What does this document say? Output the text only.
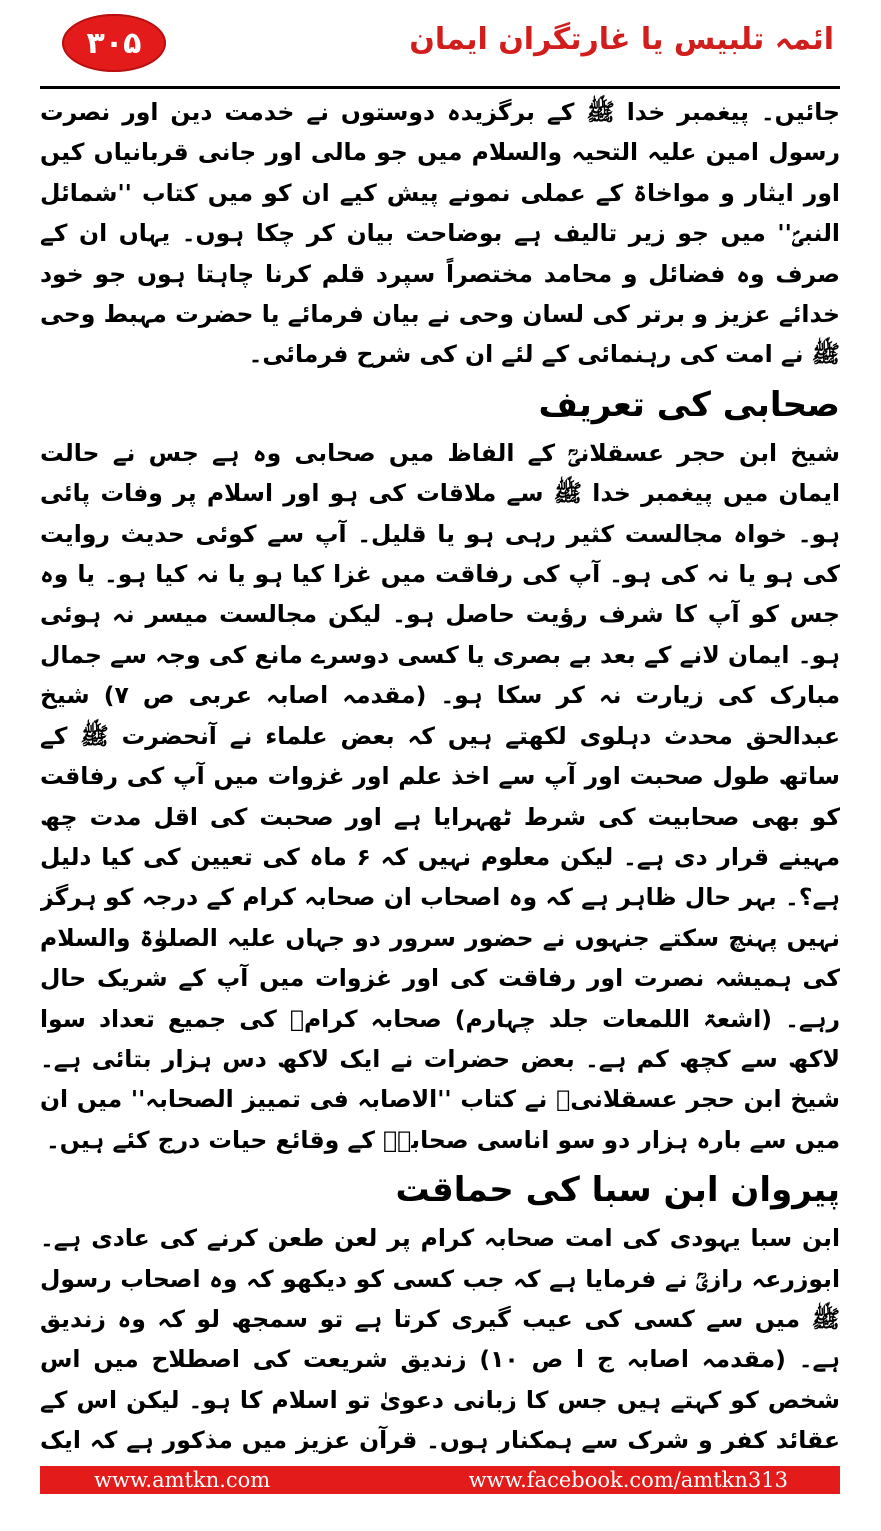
۳۰۵	ائمہ تلبیس یا غارتگران ایمان

جائیں۔ پیغمبر خدا ﷺ کے برگزیدہ دوستوں نے خدمت دین اور نصرت رسول امین علیہ التحیہ والسلام میں جو مالی اور جانی قربانیاں کیں اور ایثار و مواخاۃ کے عملی نمونے پیش کیے ان کو میں کتاب ''شمائل النبیؐ'' میں جو زیر تالیف ہے بوضاحت بیان کر چکا ہوں۔ یہاں ان کے صرف وہ فضائل و محامد مختصراً سپرد قلم کرنا چاہتا ہوں جو خود خدائے عزیز و برتر کی لسان وحی نے بیان فرمائے یا حضرت مہبط وحی ﷺ نے امت کی رہنمائی کے لئے ان کی شرح فرمائی۔

صحابی کی تعریف

شیخ ابن حجر عسقلانیؒ کے الفاظ میں صحابی وہ ہے جس نے حالت ایمان میں پیغمبر خدا ﷺ سے ملاقات کی ہو اور اسلام پر وفات پائی ہو۔ خواہ مجالست کثیر رہی ہو یا قلیل۔ آپ سے کوئی حدیث روایت کی ہو یا نہ کی ہو۔ آپ کی رفاقت میں غزا کیا ہو یا نہ کیا ہو۔ یا وہ جس کو آپ کا شرف رؤیت حاصل ہو۔ لیکن مجالست میسر نہ ہوئی ہو۔ ایمان لانے کے بعد بے بصری یا کسی دوسرے مانع کی وجہ سے جمال مبارک کی زیارت نہ کر سکا ہو۔ (مقدمہ اصابہ عربی ص ۷) شیخ عبدالحق محدث دہلوی لکھتے ہیں کہ بعض علماء نے آنحضرت ﷺ کے ساتھ طول صحبت اور آپ سے اخذ علم اور غزوات میں آپ کی رفاقت کو بھی صحابیت کی شرط ٹھہرایا ہے اور صحبت کی اقل مدت چھ مہینے قرار دی ہے۔ لیکن معلوم نہیں کہ ۶ ماہ کی تعیین کی کیا دلیل ہے؟۔ بہر حال ظاہر ہے کہ وہ اصحاب ان صحابہ کرام کے درجہ کو ہرگز نہیں پہنچ سکتے جنہوں نے حضور سرور دو جہاں علیہ الصلوٰۃ والسلام کی ہمیشہ نصرت اور رفاقت کی اور غزوات میں آپ کے شریک حال رہے۔ (اشعۃ اللمعات جلد چہارم) صحابہ کرامؓ کی جمیع تعداد سوا لاکھ سے کچھ کم ہے۔ بعض حضرات نے ایک لاکھ دس ہزار بتائی ہے۔ شیخ ابن حجر عسقلانیؒ نے کتاب ''الاصابہ فی تمییز الصحابہ'' میں ان میں سے بارہ ہزار دو سو اناسی صحابہؓ کے وقائع حیات درج کئے ہیں۔

پیروان ابن سبا کی حماقت

ابن سبا یہودی کی امت صحابہ کرام پر لعن طعن کرنے کی عادی ہے۔ ابوزرعہ رازیؒ نے فرمایا ہے کہ جب کسی کو دیکھو کہ وہ اصحاب رسول ﷺ میں سے کسی کی عیب گیری کرتا ہے تو سمجھ لو کہ وہ زندیق ہے۔ (مقدمہ اصابہ ج ا ص ۱۰) زندیق شریعت کی اصطلاح میں اس شخص کو کہتے ہیں جس کا زبانی دعویٰ تو اسلام کا ہو۔ لیکن اس کے عقائد کفر و شرک سے ہمکنار ہوں۔ قرآن عزیز میں مذکور ہے کہ ایک

www.amtkn.com	www.facebook.com/amtkn313
